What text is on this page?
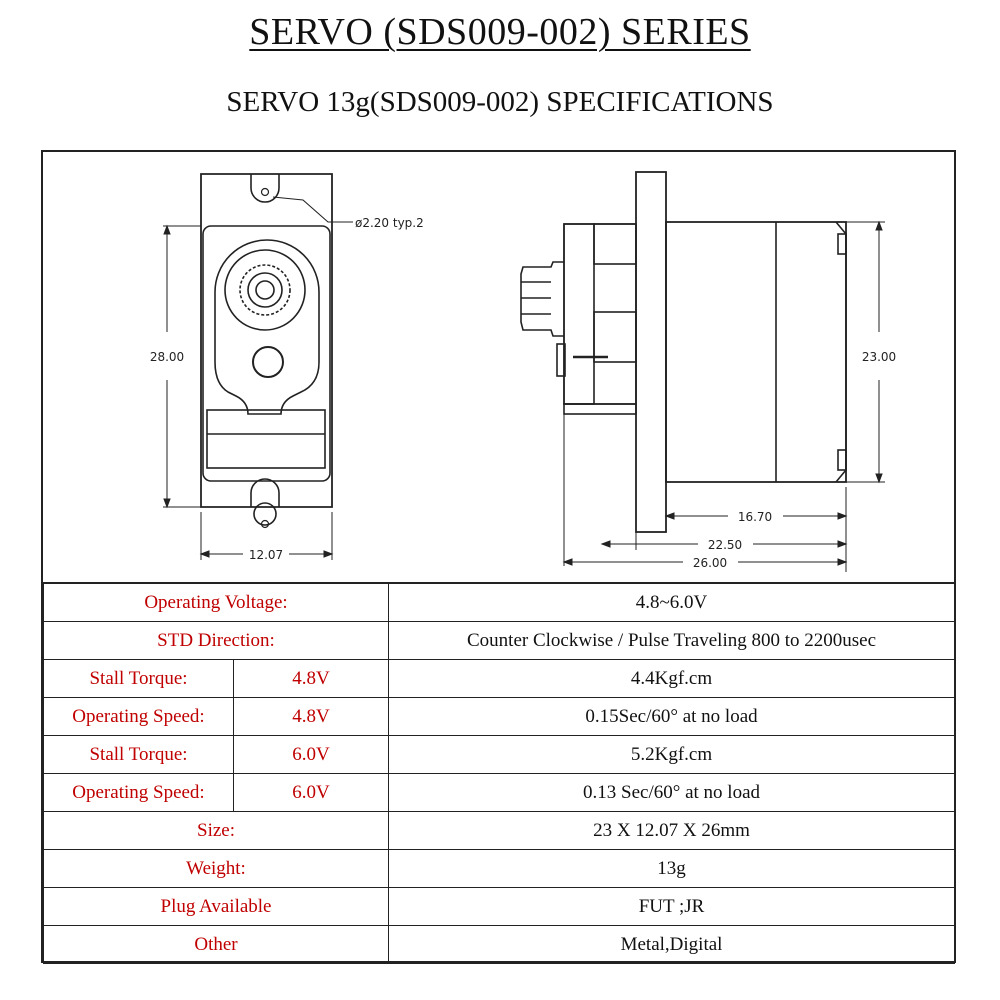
SERVO (SDS009-002) SERIES
SERVO 13g(SDS009-002) SPECIFICATIONS
ø2.20 typ.2
28.00
12.07
23.00
16.70
22.50
26.00
Operating Voltage:		4.8~6.0V
STD Direction:		Counter Clockwise / Pulse Traveling 800 to 2200usec
Stall Torque:	4.8V	4.4Kgf.cm
Operating Speed:	4.8V	0.15Sec/60° at no load
Stall Torque:	6.0V	5.2Kgf.cm
Operating Speed:	6.0V	0.13 Sec/60° at no load
Size:		23 X 12.07 X 26mm
Weight:		13g
Plug Available		FUT ;JR
Other		Metal,Digital
